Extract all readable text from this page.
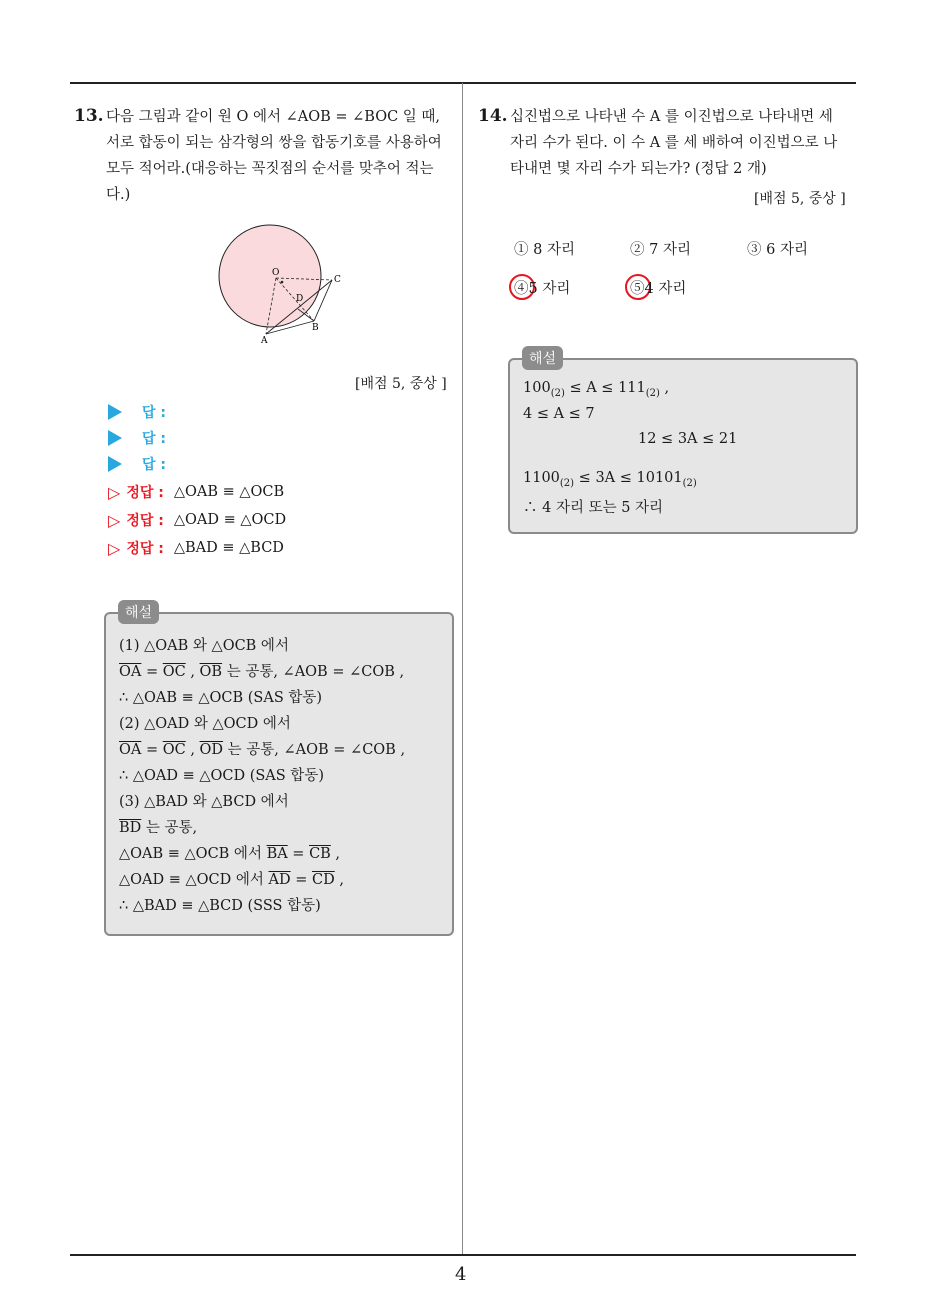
13. 다음 그림과 같이 원 O 에서 ∠AOB = ∠BOC 일 때,
서로 합동이 되는 삼각형의 쌍을 합동기호를 사용하여
모두 적어라.(대응하는 꼭짓점의 순서를 맞추어 적는
다.)
O
A
B
C
D
[배점 5, 중상 ]
답 :
답 :
답 :
▷ 정답 : △OAB ≡ △OCB
▷ 정답 : △OAD ≡ △OCD
▷ 정답 : △BAD ≡ △BCD
(1) △OAB 와 △OCB 에서
$\overline{OA} = \overline{OC}$ , $\overline{OB}$ 는 공통, ∠AOB = ∠COB ,
∴ △OAB ≡ △OCB (SAS 합동)
(2) △OAD 와 △OCD 에서
$\overline{OA} = \overline{OC}$ , $\overline{OD}$ 는 공통, ∠AOB = ∠COB ,
∴ △OAD ≡ △OCD (SAS 합동)
(3) △BAD 와 △BCD 에서
$\overline{BD}$ 는 공통,
△OAB ≡ △OCB 에서 $\overline{BA} = \overline{CB}$ ,
△OAD ≡ △OCD 에서 $\overline{AD} = \overline{CD}$ ,
∴ △BAD ≡ △BCD (SSS 합동)
해설
14. 십진법으로 나타낸 수 A 를 이진법으로 나타내면 세
자리 수가 된다. 이 수 A 를 세 배하여 이진법으로 나
타내면 몇 자리 수가 되는가? (정답 2 개)
[배점 5, 중상 ]
① 8 자리	② 7 자리	③ 6 자리
④5 자리	⑤4 자리
$100_{(2)} \le A \le 111_{(2)}$ ,
4 ≤ A ≤ 7
12 ≤ 3A ≤ 21
$1100_{(2)} \le 3A \le 10101_{(2)}$
∴ 4 자리 또는 5 자리
해설
4
